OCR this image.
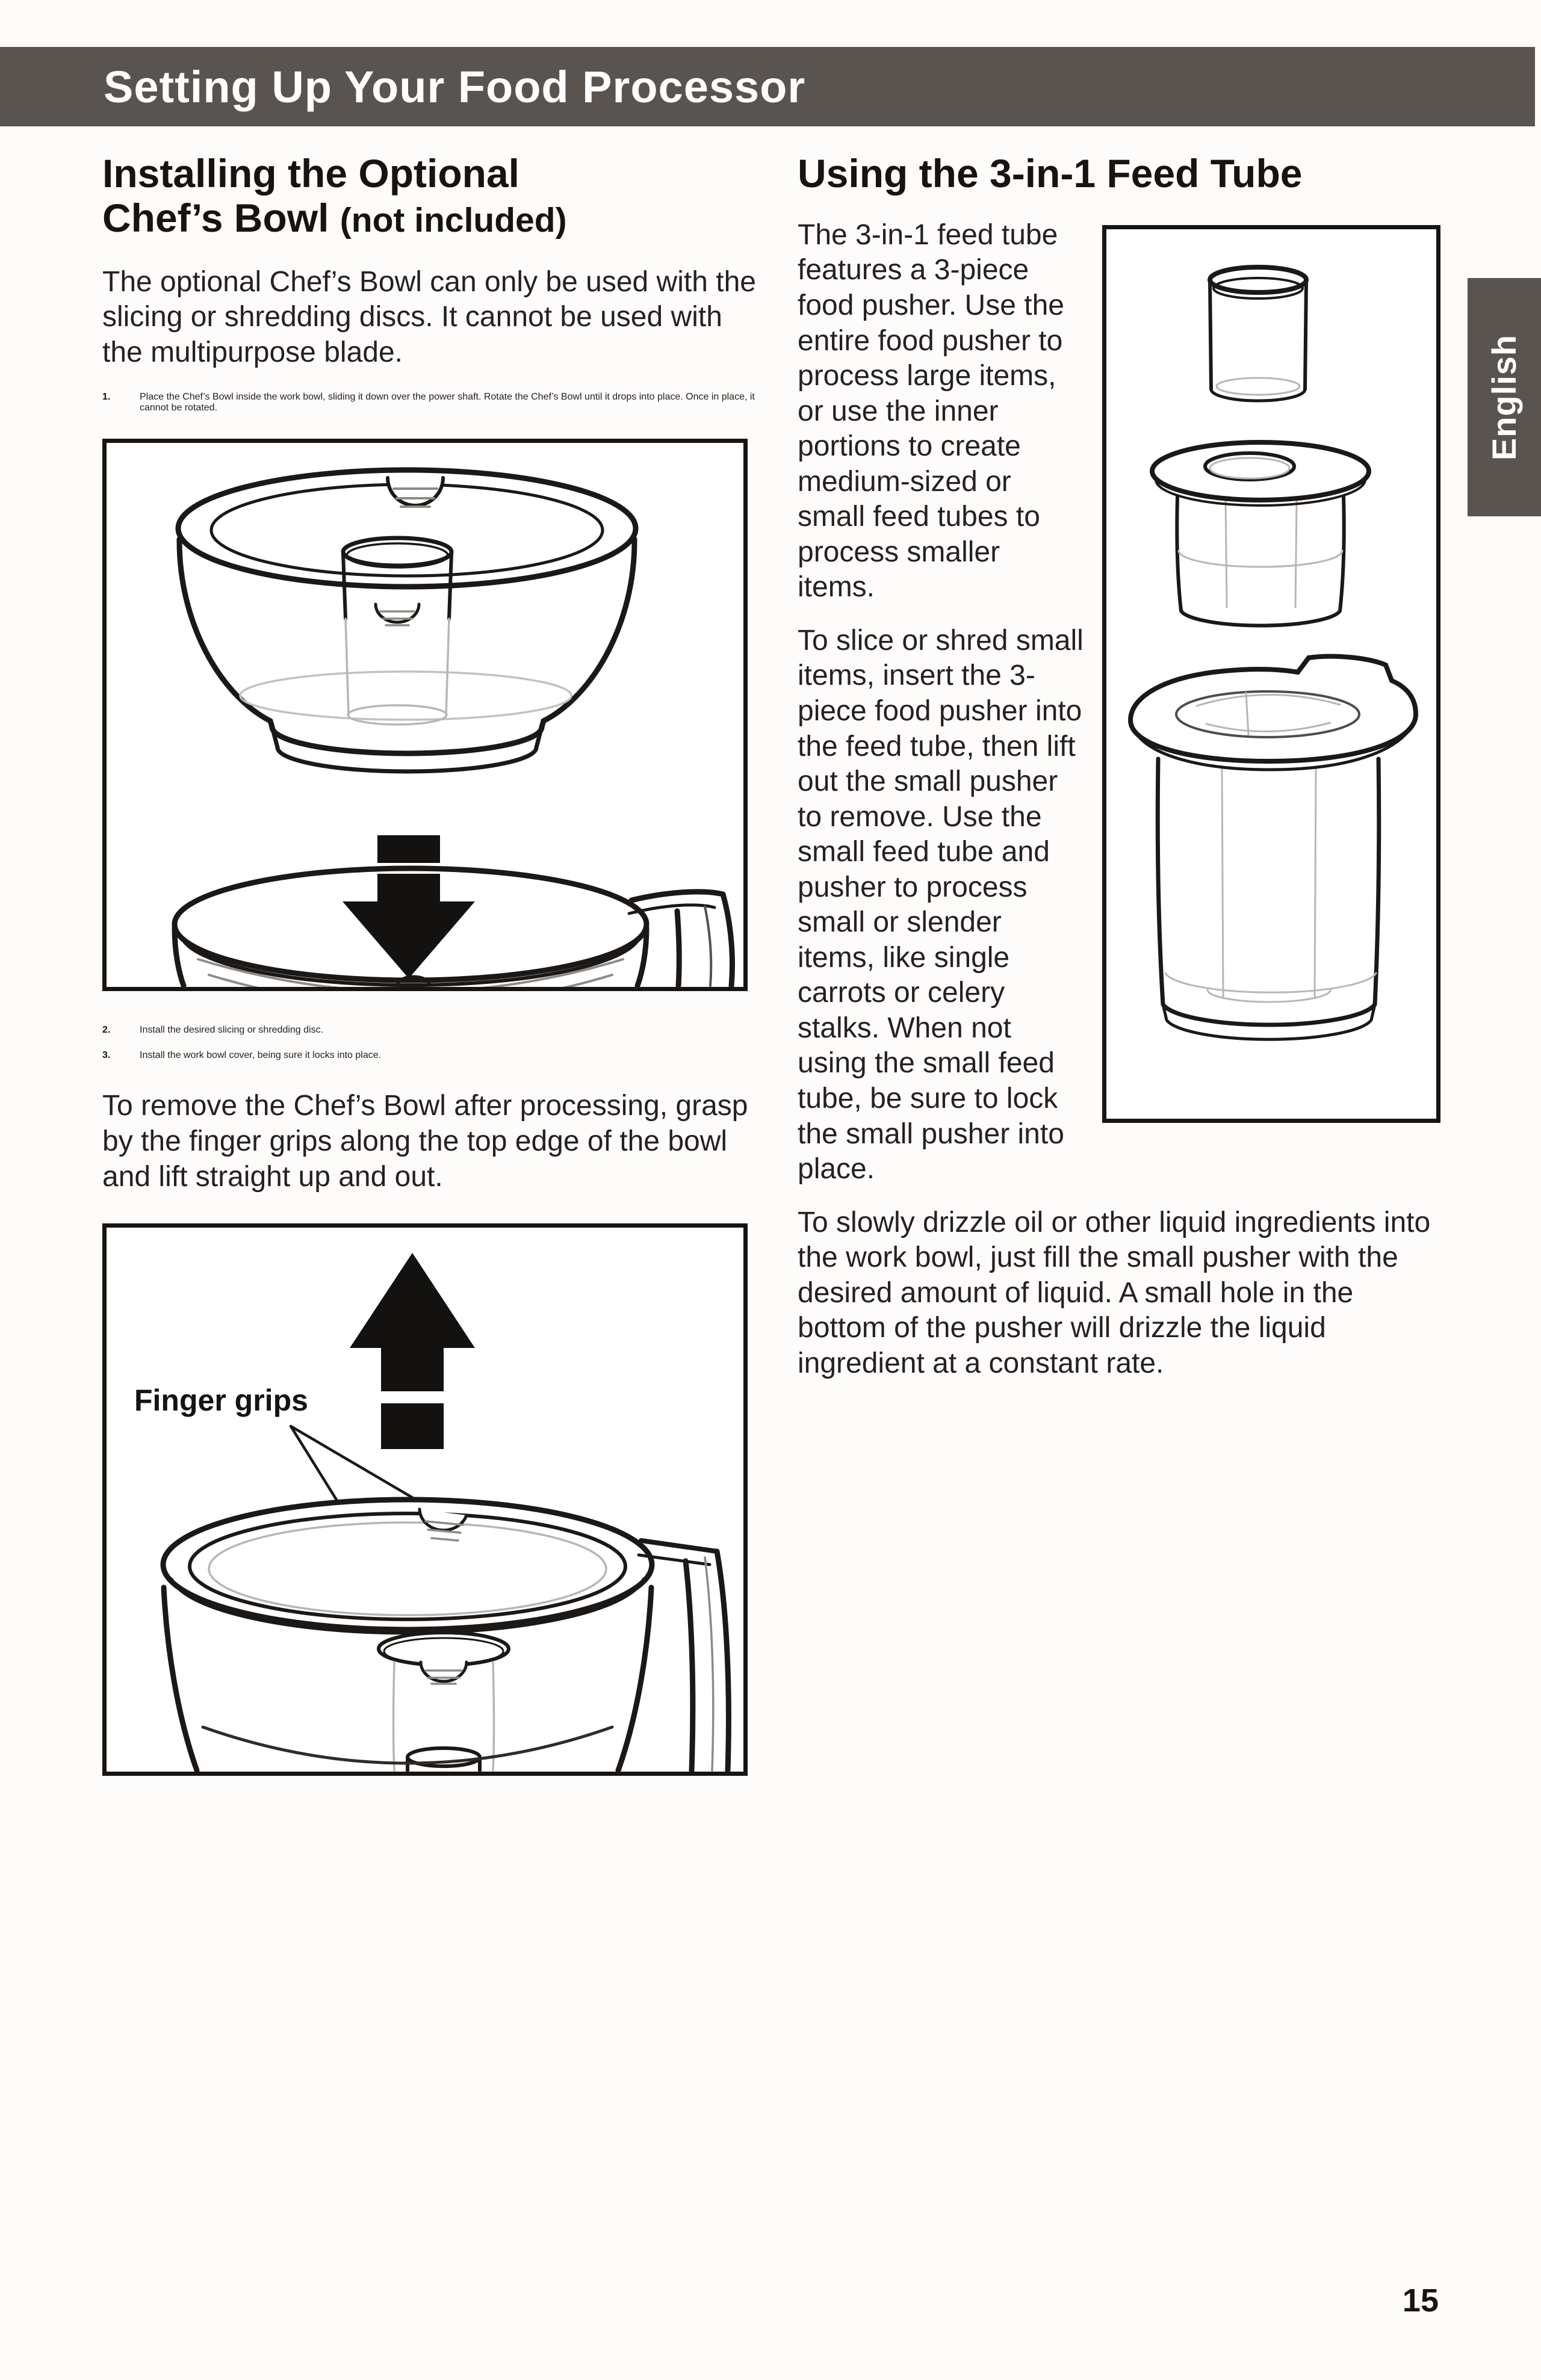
Setting Up Your Food Processor
Installing the Optional
Chef’s Bowl (not included)

The optional Chef’s Bowl can only be used with the slicing or shredding discs. It cannot be used with the multipurpose blade.

1.	Place the Chef’s Bowl inside the work bowl, sliding it down over the power shaft. Rotate the Chef’s Bowl until it drops into place. Once in place, it cannot be rotated.
2.	Install the desired slicing or shredding disc.
3.	Install the work bowl cover, being sure it locks into place.

To remove the Chef’s Bowl after processing, grasp by the finger grips along the top edge of the bowl and lift straight up and out.

Finger grips
Using the 3-in-1 Feed Tube

The 3-in-1 feed tube features a 3-piece food pusher. Use the entire food pusher to process large items, or use the inner portions to create medium-sized or small feed tubes to process smaller items.

To slice or shred small items, insert the 3-piece food pusher into the feed tube, then lift out the small pusher to remove. Use the small feed tube and pusher to process small or slender items, like single carrots or celery stalks. When not using the small feed tube, be sure to lock the small pusher into place.

To slowly drizzle oil or other liquid ingredients into the work bowl, just fill the small pusher with the desired amount of liquid. A small hole in the bottom of the pusher will drizzle the liquid ingredient at a constant rate.

English
15
